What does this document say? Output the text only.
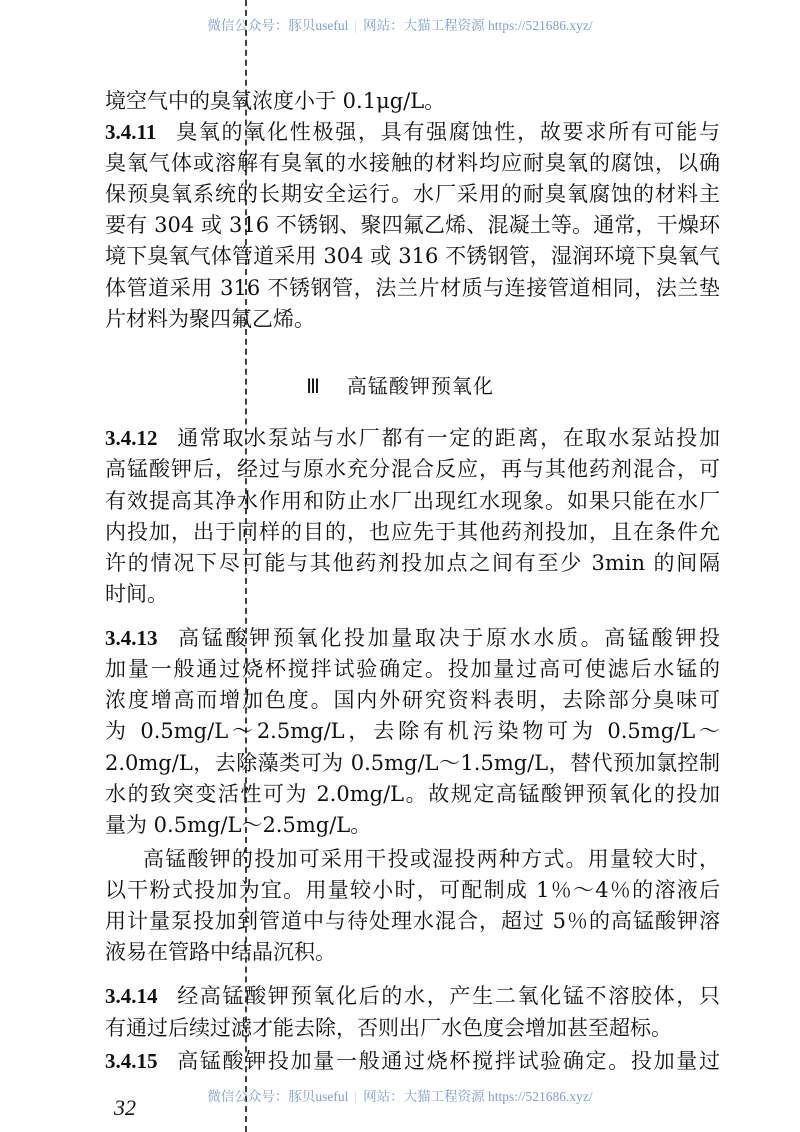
微信公众号：豚贝useful | 网站：大猫工程资源 https://521686.xyz/
境空气中的臭氧浓度小于 0.1μg/L。
3.4.11 臭氧的氧化性极强，具有强腐蚀性，故要求所有可能与
臭氧气体或溶解有臭氧的水接触的材料均应耐臭氧的腐蚀，以确
保预臭氧系统的长期安全运行。水厂采用的耐臭氧腐蚀的材料主
要有 304 或 316 不锈钢、聚四氟乙烯、混凝土等。通常，干燥环
境下臭氧气体管道采用 304 或 316 不锈钢管，湿润环境下臭氧气
体管道采用 316 不锈钢管，法兰片材质与连接管道相同，法兰垫
片材料为聚四氟乙烯。
3.4.12 通常取水泵站与水厂都有一定的距离，在取水泵站投加
高锰酸钾后，经过与原水充分混合反应，再与其他药剂混合，可
有效提高其净水作用和防止水厂出现红水现象。如果只能在水厂
内投加，出于同样的目的，也应先于其他药剂投加，且在条件允
许的情况下尽可能与其他药剂投加点之间有至少 3min 的间隔
时间。
3.4.13 高锰酸钾预氧化投加量取决于原水水质。高锰酸钾投
加量一般通过烧杯搅拌试验确定。投加量过高可使滤后水锰的
浓度增高而增加色度。国内外研究资料表明，去除部分臭味可
为 0.5mg/L～2.5mg/L，去除有机污染物可为 0.5mg/L～
2.0mg/L，去除藻类可为 0.5mg/L～1.5mg/L，替代预加氯控制
水的致突变活性可为 2.0mg/L。故规定高锰酸钾预氧化的投加
量为 0.5mg/L～2.5mg/L。
高锰酸钾的投加可采用干投或湿投两种方式。用量较大时，
以干粉式投加为宜。用量较小时，可配制成 1％～4％的溶液后
用计量泵投加到管道中与待处理水混合，超过 5％的高锰酸钾溶
液易在管路中结晶沉积。
3.4.14 经高锰酸钾预氧化后的水，产生二氧化锰不溶胶体，只
有通过后续过滤才能去除，否则出厂水色度会增加甚至超标。
3.4.15 高锰酸钾投加量一般通过烧杯搅拌试验确定。投加量过
Ⅲ 高锰酸钾预氧化
微信公众号：豚贝useful | 网站：大猫工程资源 https://521686.xyz/
32
